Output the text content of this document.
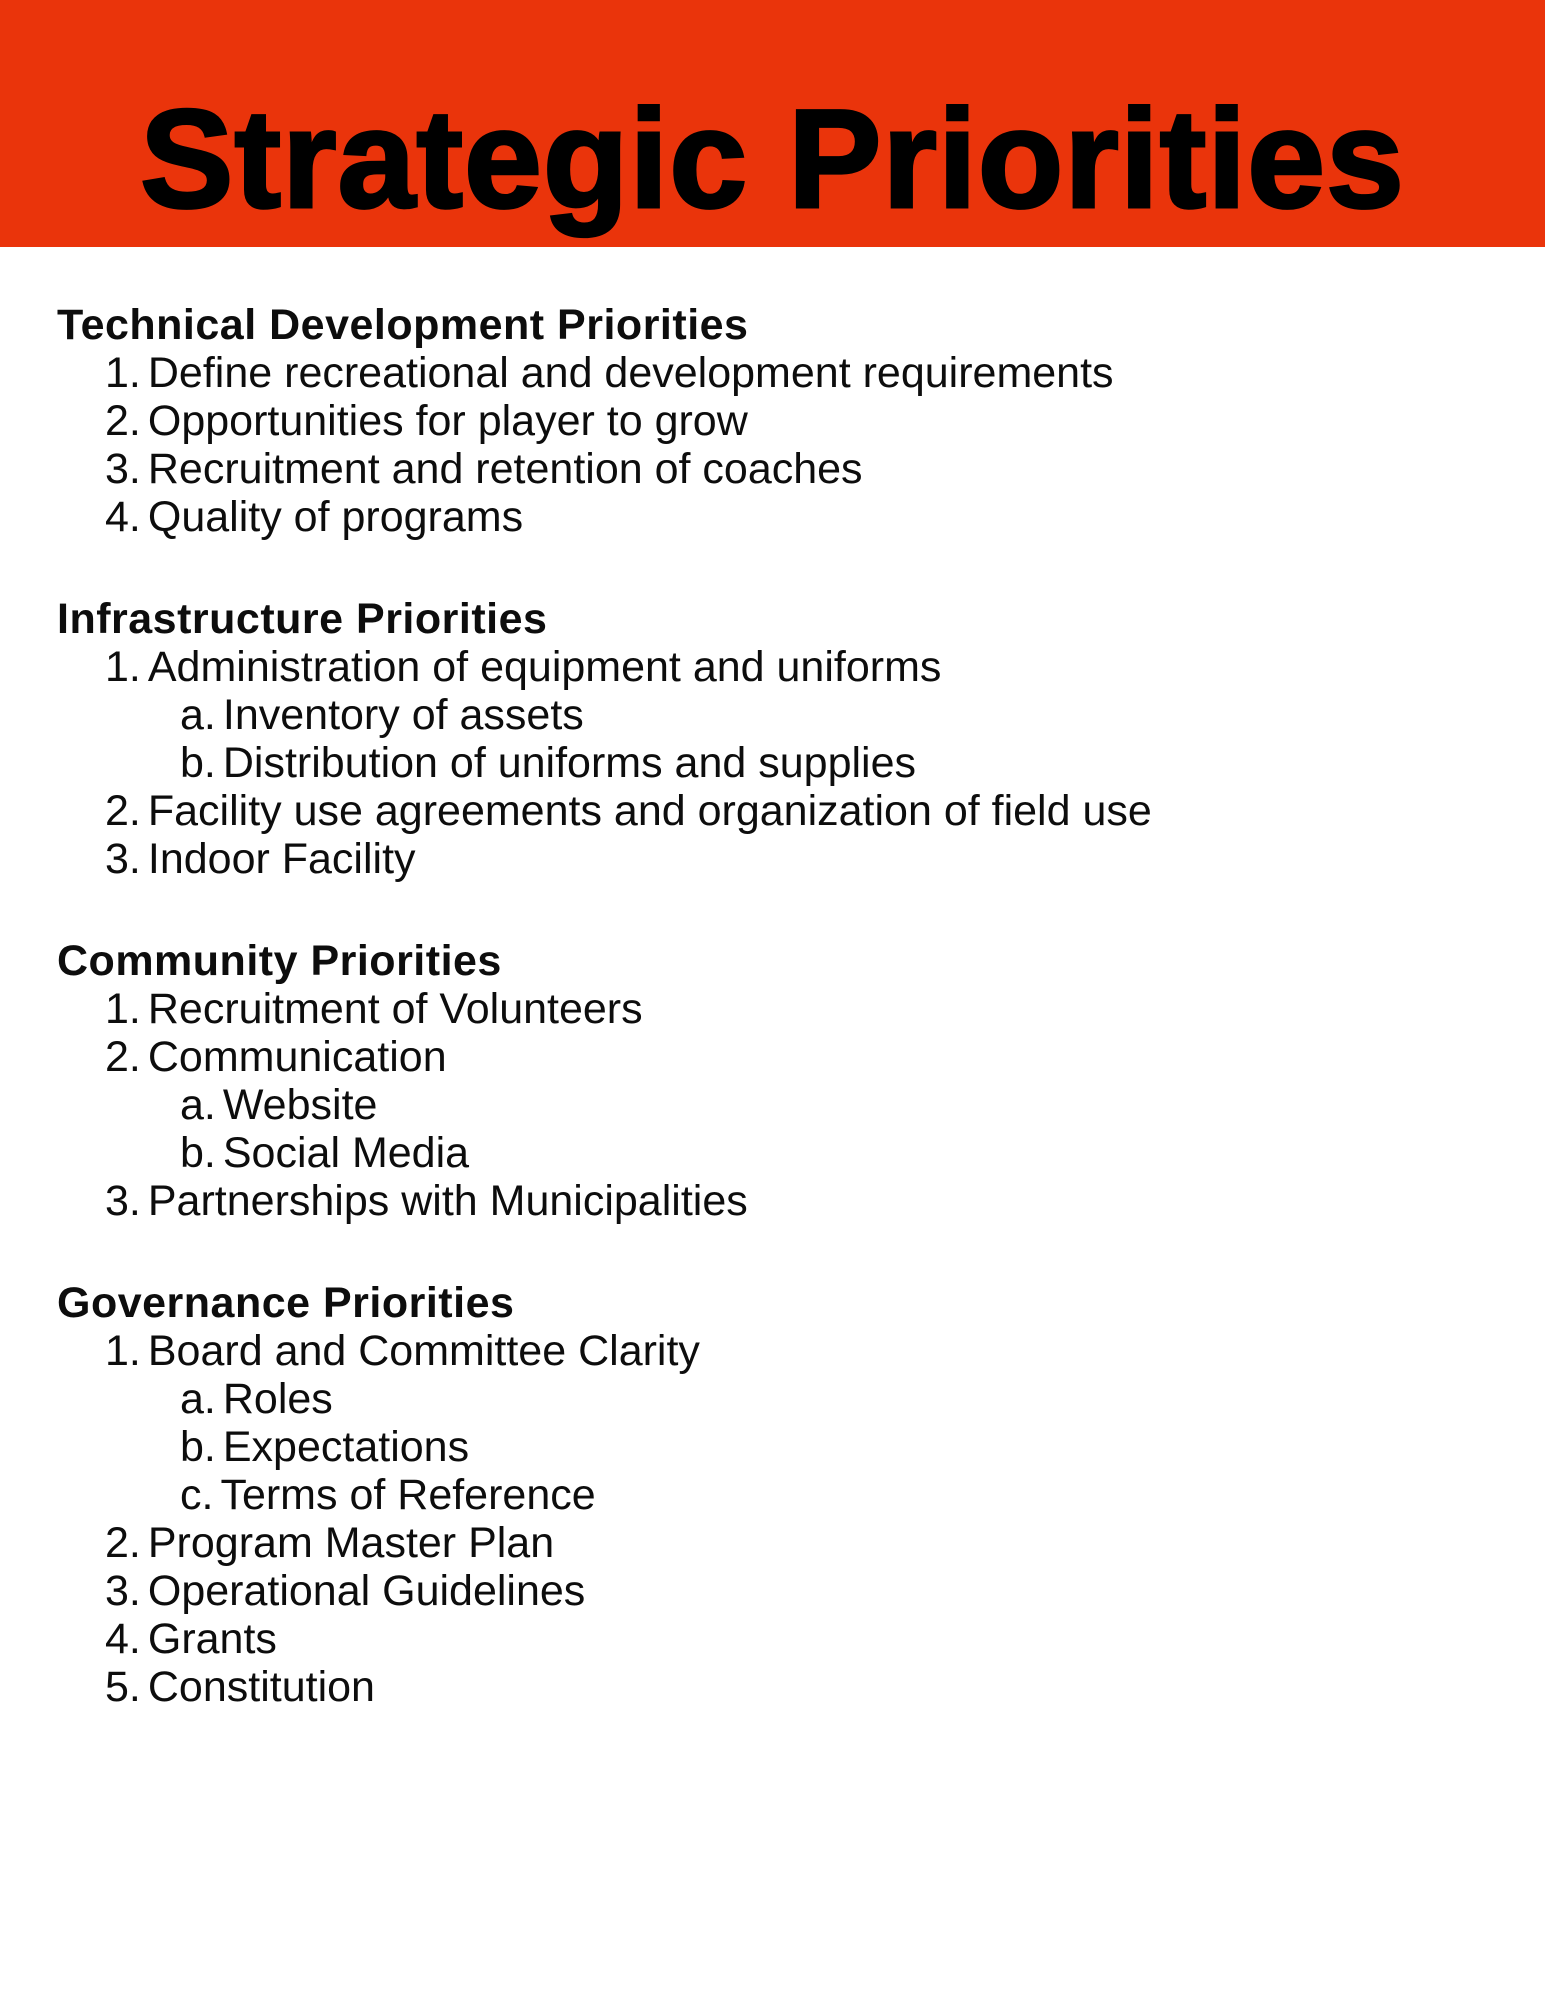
Strategic Priorities
Technical Development Priorities
1. Define recreational and development requirements
2. Opportunities for player to grow
3. Recruitment and retention of coaches
4. Quality of programs
Infrastructure Priorities
1. Administration of equipment and uniforms
a. Inventory of assets
b. Distribution of uniforms and supplies
2. Facility use agreements and organization of field use
3. Indoor Facility
Community Priorities
1. Recruitment of Volunteers
2. Communication
a. Website
b. Social Media
3. Partnerships with Municipalities
Governance Priorities
1. Board and Committee Clarity
a. Roles
b. Expectations
c. Terms of Reference
2. Program Master Plan
3. Operational Guidelines
4. Grants
5. Constitution
